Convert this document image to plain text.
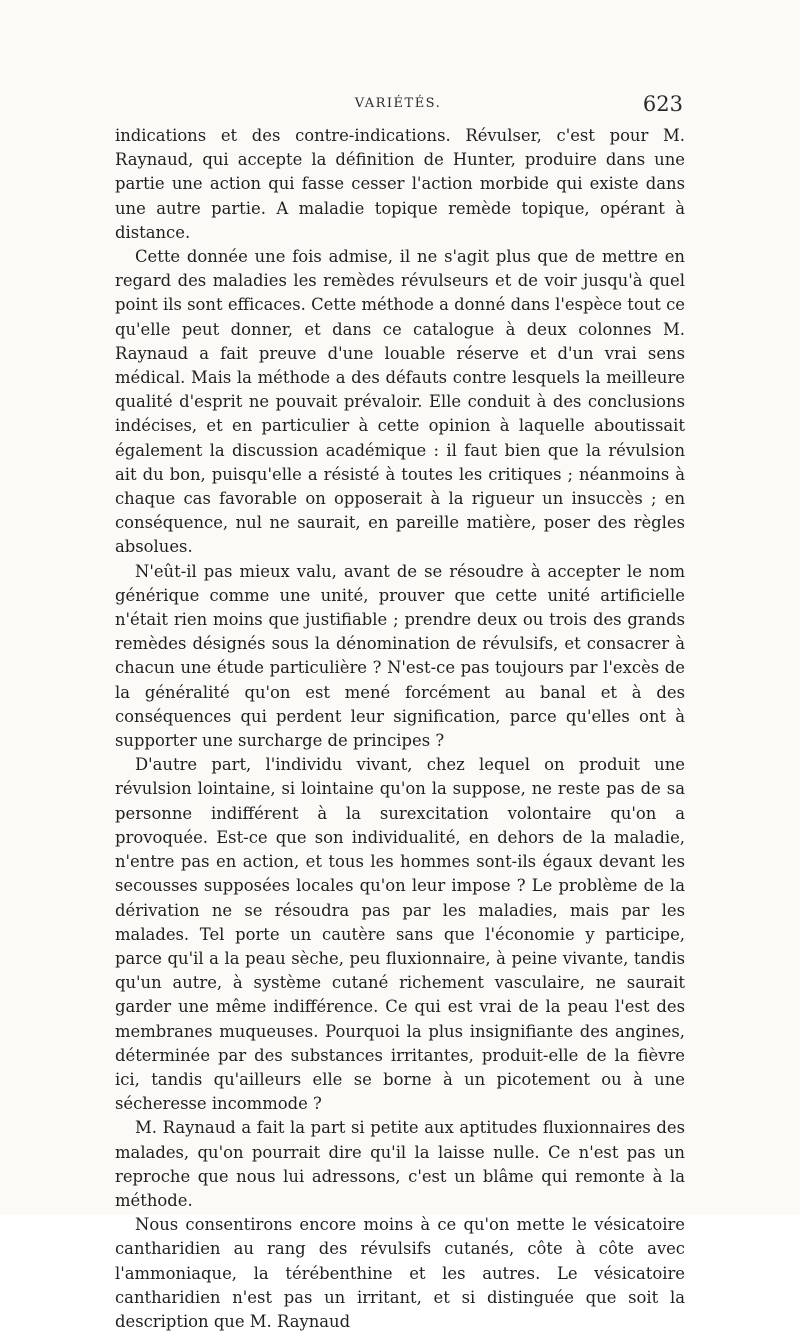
VARIÉTÉS.	623

indications et des contre-indications. Révulser, c'est pour M. Raynaud, qui accepte la définition de Hunter, produire dans une partie une action qui fasse cesser l'action morbide qui existe dans une autre partie. A maladie topique remède topique, opérant à distance.

Cette donnée une fois admise, il ne s'agit plus que de mettre en regard des maladies les remèdes révulseurs et de voir jusqu'à quel point ils sont efficaces. Cette méthode a donné dans l'espèce tout ce qu'elle peut donner, et dans ce catalogue à deux colonnes M. Raynaud a fait preuve d'une louable réserve et d'un vrai sens médical. Mais la méthode a des défauts contre lesquels la meilleure qualité d'esprit ne pouvait prévaloir. Elle conduit à des conclusions indécises, et en particulier à cette opinion à laquelle aboutissait également la discussion académique : il faut bien que la révulsion ait du bon, puisqu'elle a résisté à toutes les critiques ; néanmoins à chaque cas favorable on opposerait à la rigueur un insuccès ; en conséquence, nul ne saurait, en pareille matière, poser des règles absolues.

N'eût-il pas mieux valu, avant de se résoudre à accepter le nom générique comme une unité, prouver que cette unité artificielle n'était rien moins que justifiable ; prendre deux ou trois des grands remèdes désignés sous la dénomination de révulsifs, et consacrer à chacun une étude particulière ? N'est-ce pas toujours par l'excès de la généralité qu'on est mené forcément au banal et à des conséquences qui perdent leur signification, parce qu'elles ont à supporter une surcharge de principes ?

D'autre part, l'individu vivant, chez lequel on produit une révulsion lointaine, si lointaine qu'on la suppose, ne reste pas de sa personne indifférent à la surexcitation volontaire qu'on a provoquée. Est-ce que son individualité, en dehors de la maladie, n'entre pas en action, et tous les hommes sont-ils égaux devant les secousses supposées locales qu'on leur impose ? Le problème de la dérivation ne se résoudra pas par les maladies, mais par les malades. Tel porte un cautère sans que l'économie y participe, parce qu'il a la peau sèche, peu fluxionnaire, à peine vivante, tandis qu'un autre, à système cutané richement vasculaire, ne saurait garder une même indifférence. Ce qui est vrai de la peau l'est des membranes muqueuses. Pourquoi la plus insignifiante des angines, déterminée par des substances irritantes, produit-elle de la fièvre ici, tandis qu'ailleurs elle se borne à un picotement ou à une sécheresse incommode ?

M. Raynaud a fait la part si petite aux aptitudes fluxionnaires des malades, qu'on pourrait dire qu'il la laisse nulle. Ce n'est pas un reproche que nous lui adressons, c'est un blâme qui remonte à la méthode.

Nous consentirons encore moins à ce qu'on mette le vésicatoire cantharidien au rang des révulsifs cutanés, côte à côte avec l'ammoniaque, la térébenthine et les autres. Le vésicatoire cantharidien n'est pas un irritant, et si distinguée que soit la description que M. Raynaud
